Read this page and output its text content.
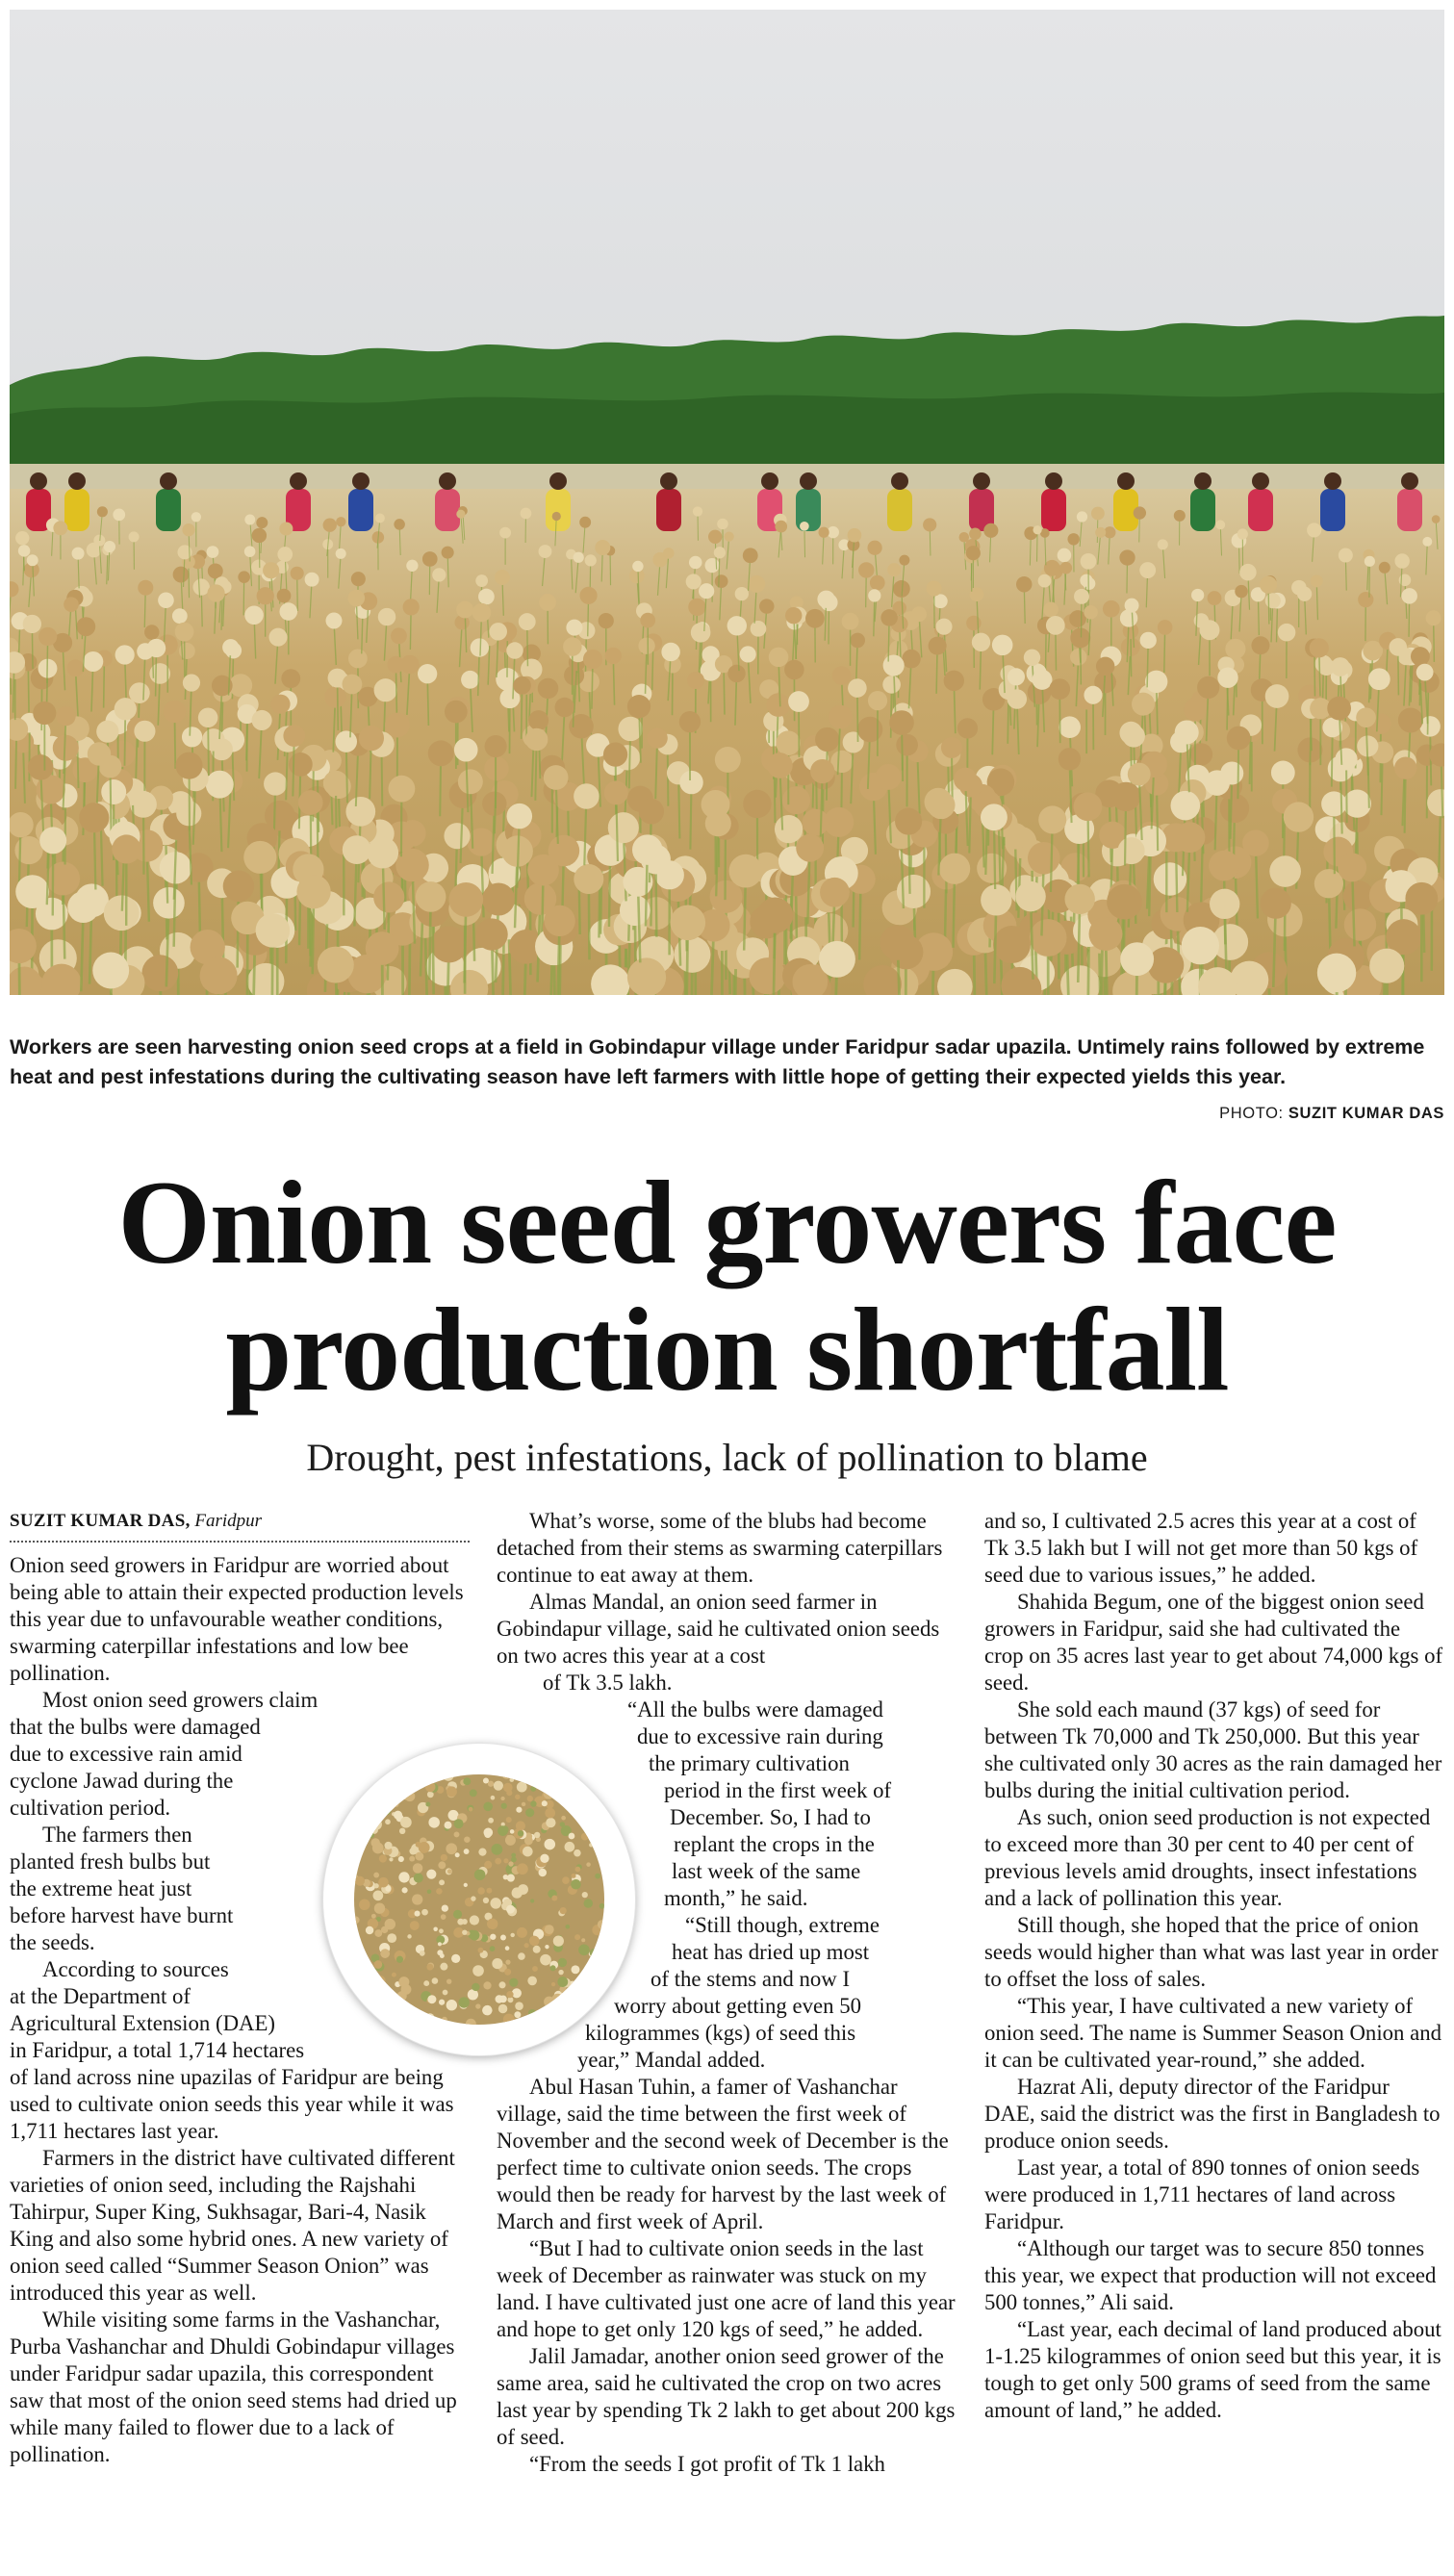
Workers are seen harvesting onion seed crops at a field in Gobindapur village under Faridpur sadar upazila. Untimely rains followed by extreme heat and pest infestations during the cultivating season have left farmers with little hope of getting their expected yields this year.
PHOTO: SUZIT KUMAR DAS
Onion seed growers face
production shortfall
Drought, pest infestations, lack of pollination to blame
SUZIT KUMAR DAS, Faridpur

Onion seed growers in Faridpur are worried about being able to attain their expected production levels this year due to unfavourable weather conditions, swarming caterpillar infestations and low bee pollination.

Most onion seed growers claim

that the bulbs were damaged

due to excessive rain amid

cyclone Jawad during the

cultivation period.

The farmers then

planted fresh bulbs but

the extreme heat just

before harvest have burnt

the seeds.

According to sources

at the Department of

Agricultural Extension (DAE)

in Faridpur, a total 1,714 hectares

of land across nine upazilas of Faridpur are being used to cultivate onion seeds this year while it was 1,711 hectares last year.

Farmers in the district have cultivated different varieties of onion seed, including the Rajshahi Tahirpur, Super King, Sukhsagar, Bari-4, Nasik King and also some hybrid ones. A new variety of onion seed called “Summer Season Onion” was introduced this year as well.

While visiting some farms in the Vashanchar, Purba Vashanchar and Dhuldi Gobindapur villages under Faridpur sadar upazila, this correspondent saw that most of the onion seed stems had dried up while many failed to flower due to a lack of pollination.

What’s worse, some of the blubs had become detached from their stems as swarming caterpillars continue to eat away at them.

Almas Mandal, an onion seed farmer in Gobindapur village, said he cultivated onion seeds on two acres this year at a cost

of Tk 3.5 lakh.

“All the bulbs were damaged

due to excessive rain during

the primary cultivation

period in the first week of

December. So, I had to

replant the crops in the

last week of the same

month,” he said.

“Still though, extreme

heat has dried up most

of the stems and now I

worry about getting even 50

kilogrammes (kgs) of seed this

year,” Mandal added.

Abul Hasan Tuhin, a famer of Vashanchar village, said the time between the first week of November and the second week of December is the perfect time to cultivate onion seeds. The crops would then be ready for harvest by the last week of March and first week of April.

“But I had to cultivate onion seeds in the last week of December as rainwater was stuck on my land. I have cultivated just one acre of land this year and hope to get only 120 kgs of seed,” he added.

Jalil Jamadar, another onion seed grower of the same area, said he cultivated the crop on two acres last year by spending Tk 2 lakh to get about 200 kgs of seed.

“From the seeds I got profit of Tk 1 lakh

and so, I cultivated 2.5 acres this year at a cost of Tk 3.5 lakh but I will not get more than 50 kgs of seed due to various issues,” he added.

Shahida Begum, one of the biggest onion seed growers in Faridpur, said she had cultivated the crop on 35 acres last year to get about 74,000 kgs of seed.

She sold each maund (37 kgs) of seed for between Tk 70,000 and Tk 250,000. But this year she cultivated only 30 acres as the rain damaged her bulbs during the initial cultivation period.

As such, onion seed production is not expected to exceed more than 30 per cent to 40 per cent of previous levels amid droughts, insect infestations and a lack of pollination this year.

Still though, she hoped that the price of onion seeds would higher than what was last year in order to offset the loss of sales.

“This year, I have cultivated a new variety of onion seed. The name is Summer Season Onion and it can be cultivated year-round,” she added.

Hazrat Ali, deputy director of the Faridpur DAE, said the district was the first in Bangladesh to produce onion seeds.

Last year, a total of 890 tonnes of onion seeds were produced in 1,711 hectares of land across Faridpur.

“Although our target was to secure 850 tonnes this year, we expect that production will not exceed 500 tonnes,” Ali said.

“Last year, each decimal of land produced about 1-1.25 kilogrammes of onion seed but this year, it is tough to get only 500 grams of seed from the same amount of land,” he added.
